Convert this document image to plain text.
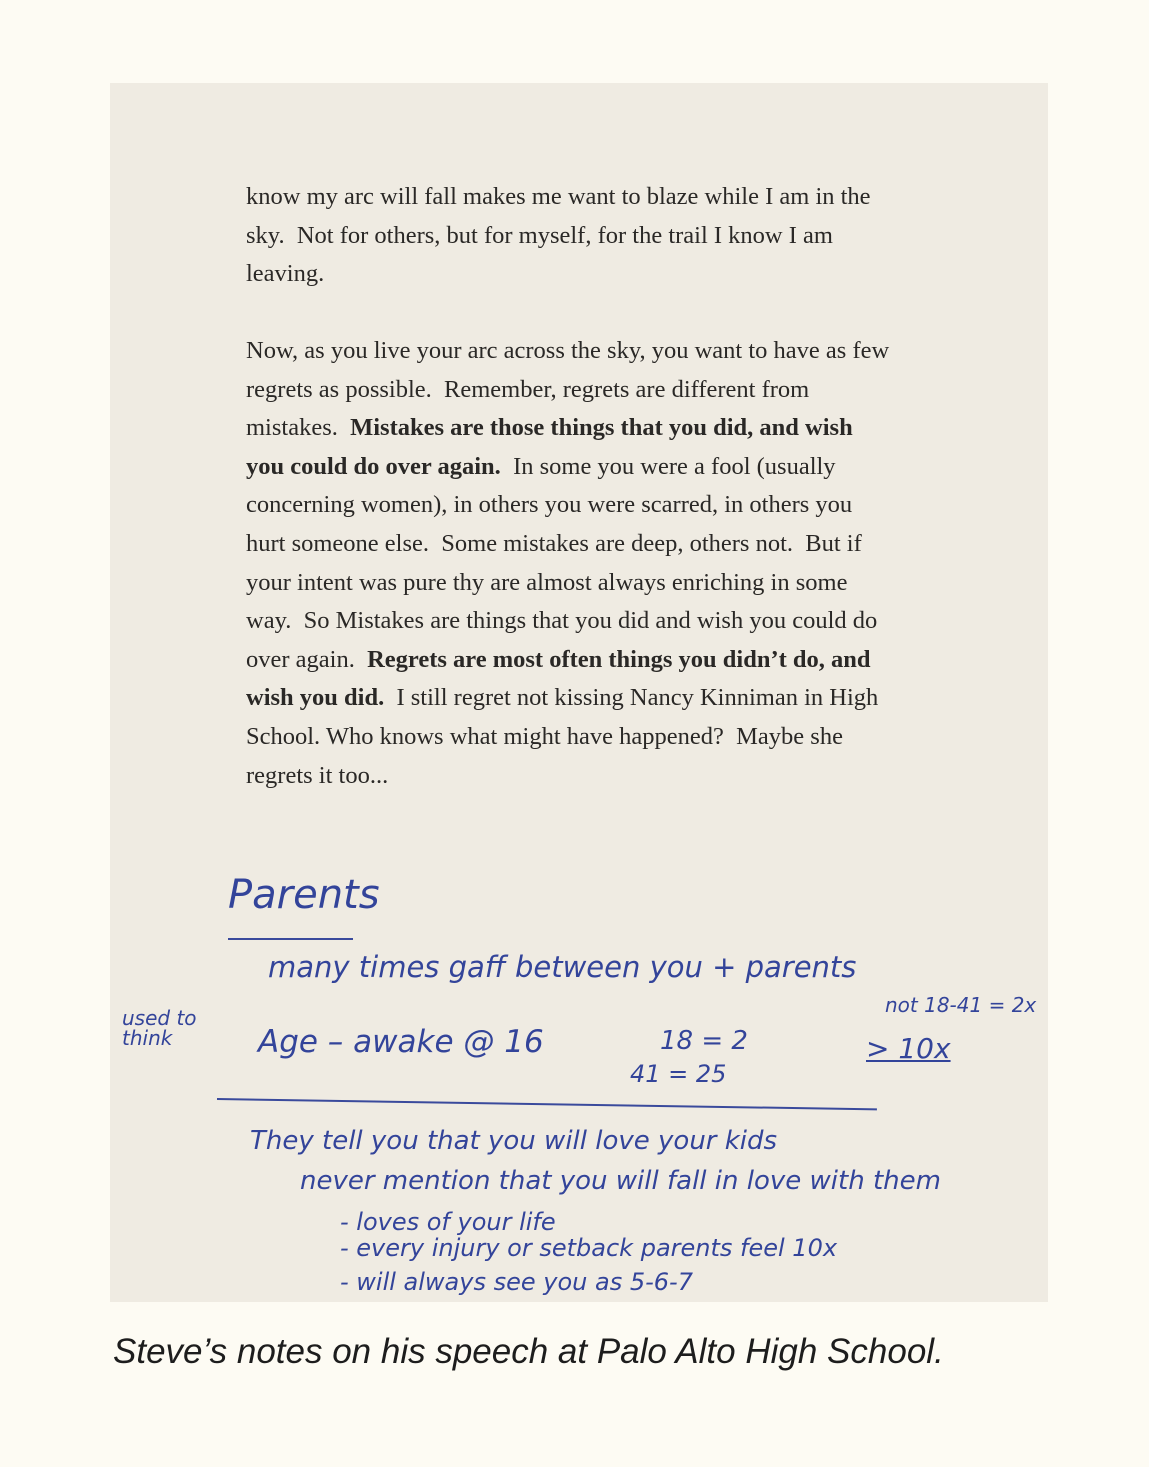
know my arc will fall makes me want to blaze while I am in the
sky.  Not for others, but for myself, for the trail I know I am
leaving.
Now, as you live your arc across the sky, you want to have as few
regrets as possible.  Remember, regrets are different from
mistakes.  Mistakes are those things that you did, and wish
you could do over again.  In some you were a fool (usually
concerning women), in others you were scarred, in others you
hurt someone else.  Some mistakes are deep, others not.  But if
your intent was pure thy are almost always enriching in some
way.  So Mistakes are things that you did and wish you could do
over again.  Regrets are most often things you didn’t do, and
wish you did.  I still regret not kissing Nancy Kinniman in High
School. Who knows what might have happened?  Maybe she
regrets it too...
Parents
many times gaff between you + parents
used to think	Age – awake @ 16	18 = 2
41 = 25
> 10x
not 18-41 = 2x
They tell you that you will love your kids
never mention that you will fall in love with them
- loves of your life
- every injury or setback parents feel 10x
- will always see you as 5-6-7
Steve’s notes on his speech at Palo Alto High School.
